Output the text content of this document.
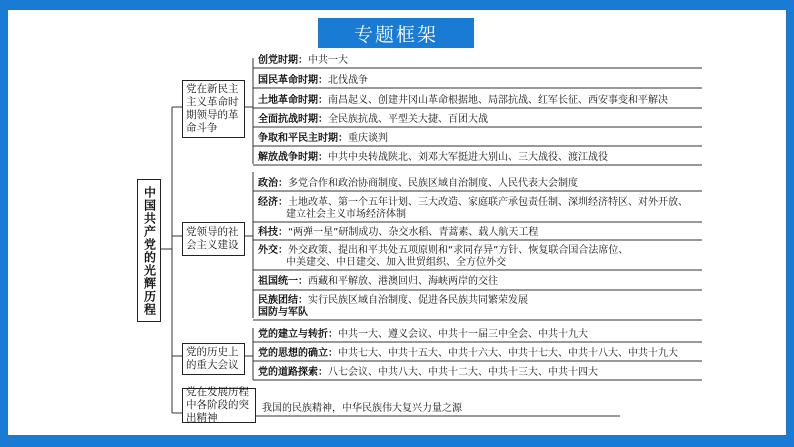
专题框架
中国共产党的光辉历程
党在新民主主义革命时期领导的革命斗争
党领导的社会主义建设
党的历史上的重大会议
党在发展历程中各阶段的突出精神
创党时期：中共一大
国民革命时期：北伐战争
土地革命时期：南昌起义、创建井冈山革命根据地、局部抗战、红军长征、西安事变和平解决
全面抗战时期：全民族抗战、平型关大捷、百团大战
争取和平民主时期：重庆谈判
解放战争时期：中共中央转战陕北、刘邓大军挺进大别山、三大战役、渡江战役
政治：多党合作和政治协商制度、民族区域自治制度、人民代表大会制度
经济：土地改革、第一个五年计划、三大改造、家庭联产承包责任制、深圳经济特区、对外开放、
建立社会主义市场经济体制
科技：“两弹一星”研制成功、杂交水稻、青蒿素、载人航天工程
外交：外交政策、提出和平共处五项原则和“求同存异”方针、恢复联合国合法席位、
中美建交、中日建交、加入世贸组织、全方位外交
祖国统一：西藏和平解放、港澳回归、海峡两岸的交往
民族团结：实行民族区域自治制度、促进各民族共同繁荣发展
国防与军队
党的建立与转折：中共一大、遵义会议、中共十一届三中全会、中共十九大
党的思想的确立：中共七大、中共十五大、中共十六大、中共十七大、中共十八大、中共十九大
党的道路探索：八七会议、中共八大、中共十二大、中共十三大、中共十四大
我国的民族精神，中华民族伟大复兴力量之源
